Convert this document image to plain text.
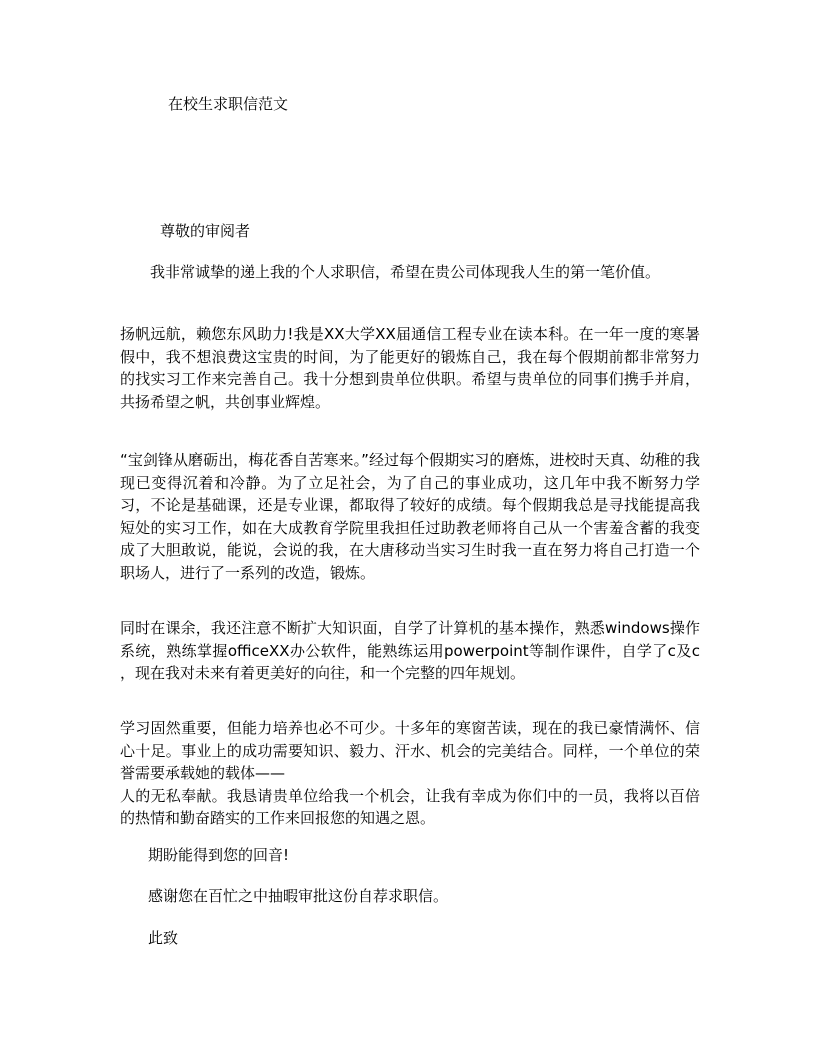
在校生求职信范文
尊敬的审阅者
我非常诚挚的递上我的个人求职信，希望在贵公司体现我人生的第一笔价值。
扬帆远航，赖您东风助力!我是XX大学XX届通信工程专业在读本科。在一年一度的寒暑假中，我不想浪费这宝贵的时间，为了能更好的锻炼自己，我在每个假期前都非常努力的找实习工作来完善自己。我十分想到贵单位供职。希望与贵单位的同事们携手并肩，共扬希望之帆，共创事业辉煌。
“宝剑锋从磨砺出，梅花香自苦寒来。”经过每个假期实习的磨炼，进校时天真、幼稚的我现已变得沉着和冷静。为了立足社会，为了自己的事业成功，这几年中我不断努力学习，不论是基础课，还是专业课，都取得了较好的成绩。每个假期我总是寻找能提高我短处的实习工作，如在大成教育学院里我担任过助教老师将自己从一个害羞含蓄的我变成了大胆敢说，能说，会说的我，在大唐移动当实习生时我一直在努力将自己打造一个职场人，进行了一系列的改造，锻炼。
同时在课余，我还注意不断扩大知识面，自学了计算机的基本操作，熟悉windows操作系统，熟练掌握officeXX办公软件，能熟练运用powerpoint等制作课件，自学了c及c ，现在我对未来有着更美好的向往，和一个完整的四年规划。
学习固然重要，但能力培养也必不可少。十多年的寒窗苦读，现在的我已豪情满怀、信心十足。事业上的成功需要知识、毅力、汗水、机会的完美结合。同样，一个单位的荣誉需要承载她的载体——
人的无私奉献。我恳请贵单位给我一个机会，让我有幸成为你们中的一员，我将以百倍的热情和勤奋踏实的工作来回报您的知遇之恩。
期盼能得到您的回音!
感谢您在百忙之中抽暇审批这份自荐求职信。
此致
